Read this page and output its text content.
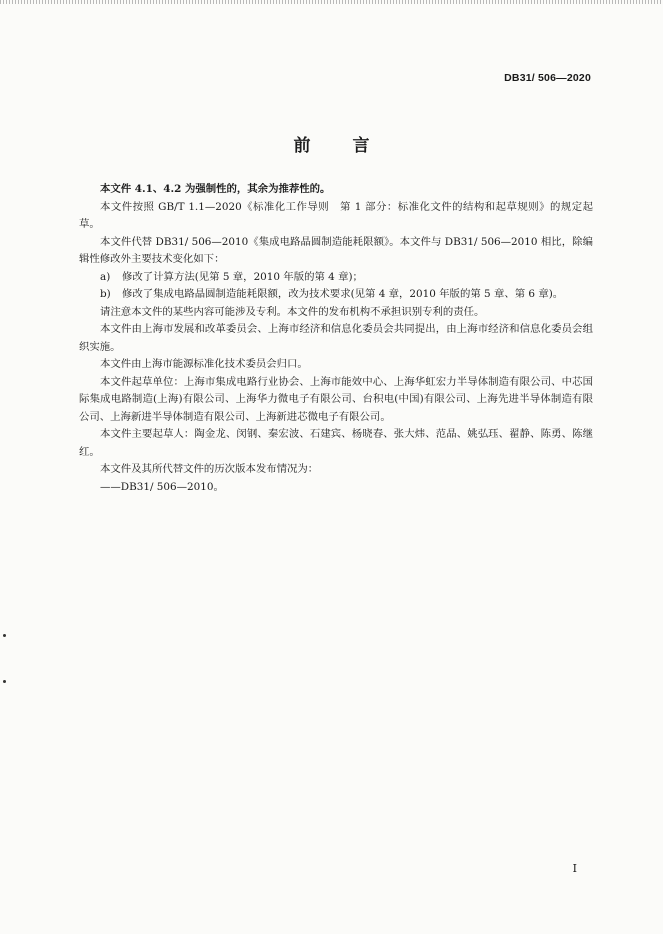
DB31/ 506—2020
前 言

本文件 4.1、4.2 为强制性的，其余为推荐性的。

本文件按照 GB/T 1.1—2020《标准化工作导则　第 1 部分：标准化文件的结构和起草规则》的规定起草。

本文件代替 DB31/ 506—2010《集成电路晶圆制造能耗限额》。本文件与 DB31/ 506—2010 相比，除编辑性修改外主要技术变化如下：

a) 修改了计算方法(见第 5 章，2010 年版的第 4 章)；

b) 修改了集成电路晶圆制造能耗限额，改为技术要求(见第 4 章，2010 年版的第 5 章、第 6 章)。

请注意本文件的某些内容可能涉及专利。本文件的发布机构不承担识别专利的责任。

本文件由上海市发展和改革委员会、上海市经济和信息化委员会共同提出，由上海市经济和信息化委员会组织实施。

本文件由上海市能源标准化技术委员会归口。

本文件起草单位：上海市集成电路行业协会、上海市能效中心、上海华虹宏力半导体制造有限公司、中芯国际集成电路制造(上海)有限公司、上海华力微电子有限公司、台积电(中国)有限公司、上海先进半导体制造有限公司、上海新进半导体制造有限公司、上海新进芯微电子有限公司。

本文件主要起草人：陶金龙、闵钢、秦宏波、石建宾、杨晓春、张大炜、范晶、姚弘珏、翟静、陈勇、陈继红。

本文件及其所代替文件的历次版本发布情况为：

——DB31/ 506—2010。

I
